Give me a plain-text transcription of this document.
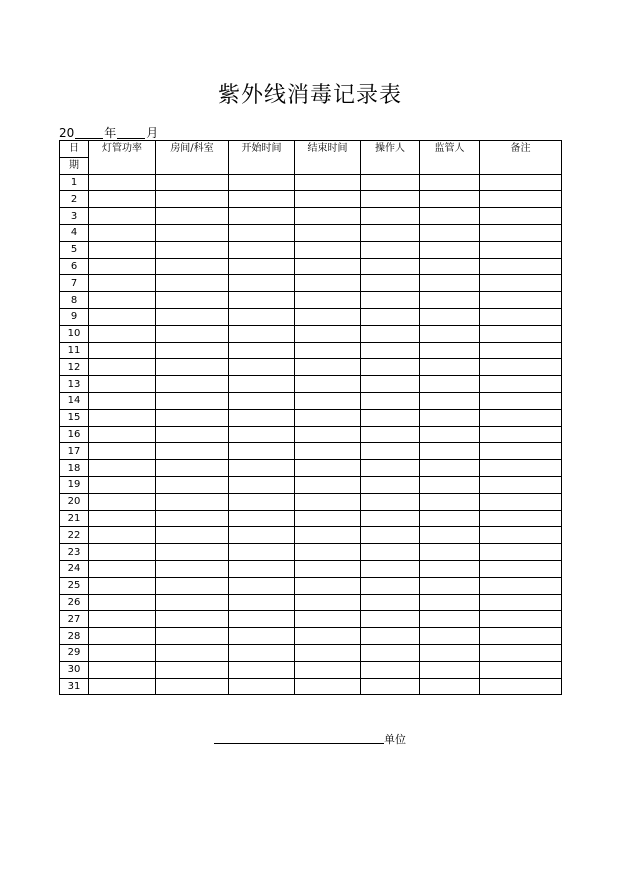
紫外线消毒记录表
20	年	月
日	灯管功率	房间/科室	开始时间	结束时间	操作人	监管人	备注
期							
1							
2							
3							
4							
5							
6							
7							
8							
9							
10							
11							
12							
13							
14							
15							
16							
17							
18							
19							
20							
21							
22							
23							
24							
25							
26							
27							
28							
29							
30							
31							
单位
